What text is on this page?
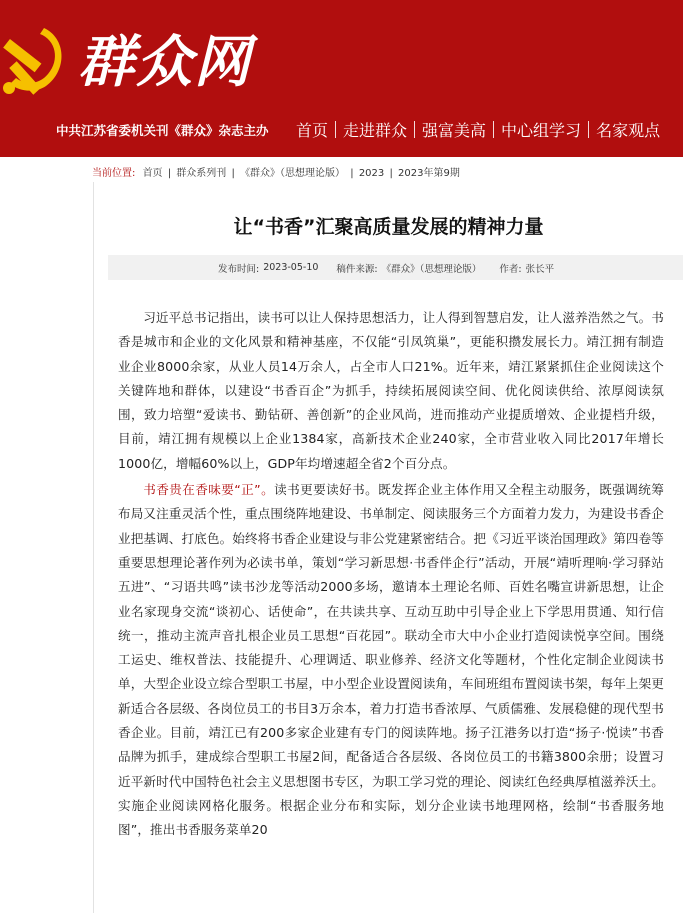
群众网
中共江苏省委机关刊《群众》杂志主办	首页 走进群众 强富美高 中心组学习 名家观点
当前位置: 首页 | 群众系列刊 | 《群众》（思想理论版） | 2023 | 2023年第9期
让“书香”汇聚高质量发展的精神力量
发布时间: 2023-05-10 稿件来源: 《群众》（思想理论版） 作者: 张长平

习近平总书记指出，读书可以让人保持思想活力，让人得到智慧启发，让人滋养浩然之气。书香是城市和企业的文化风景和精神基座，不仅能“引凤筑巢”，更能积攒发展长力。靖江拥有制造业企业8000余家，从业人员14万余人，占全市人口21%。近年来，靖江紧紧抓住企业阅读这个关键阵地和群体，以建设“书香百企”为抓手，持续拓展阅读空间、优化阅读供给、浓厚阅读氛围，致力培塑“爱读书、勤钻研、善创新”的企业风尚，进而推动产业提质增效、企业提档升级，目前，靖江拥有规模以上企业1384家，高新技术企业240家，全市营业收入同比2017年增长1000亿，增幅60%以上，GDP年均增速超全省2个百分点。

书香贵在香味要“正”。读书更要读好书。既发挥企业主体作用又全程主动服务，既强调统筹布局又注重灵活个性，重点围绕阵地建设、书单制定、阅读服务三个方面着力发力，为建设书香企业把基调、打底色。始终将书香企业建设与非公党建紧密结合。把《习近平谈治国理政》第四卷等重要思想理论著作列为必读书单，策划“学习新思想·书香伴企行”活动，开展“靖听理响·学习驿站五进”、“习语共鸣”读书沙龙等活动2000多场，邀请本土理论名师、百姓名嘴宣讲新思想，让企业名家现身交流“谈初心、话使命”，在共读共享、互动互助中引导企业上下学思用贯通、知行信统一，推动主流声音扎根企业员工思想“百花园”。联动全市大中小企业打造阅读悦享空间。围绕工运史、维权普法、技能提升、心理调适、职业修养、经济文化等题材，个性化定制企业阅读书单，大型企业设立综合型职工书屋，中小型企业设置阅读角，车间班组布置阅读书架，每年上架更新适合各层级、各岗位员工的书目3万余本，着力打造书香浓厚、气质儒雅、发展稳健的现代型书香企业。目前，靖江已有200多家企业建有专门的阅读阵地。扬子江港务以打造“扬子·悦读”书香品牌为抓手，建成综合型职工书屋2间，配备适合各层级、各岗位员工的书籍3800余册；设置习近平新时代中国特色社会主义思想图书专区，为职工学习党的理论、阅读红色经典厚植滋养沃土。实施企业阅读网格化服务。根据企业分布和实际，划分企业读书地理网格，绘制“书香服务地图”，推出书香服务菜单20
